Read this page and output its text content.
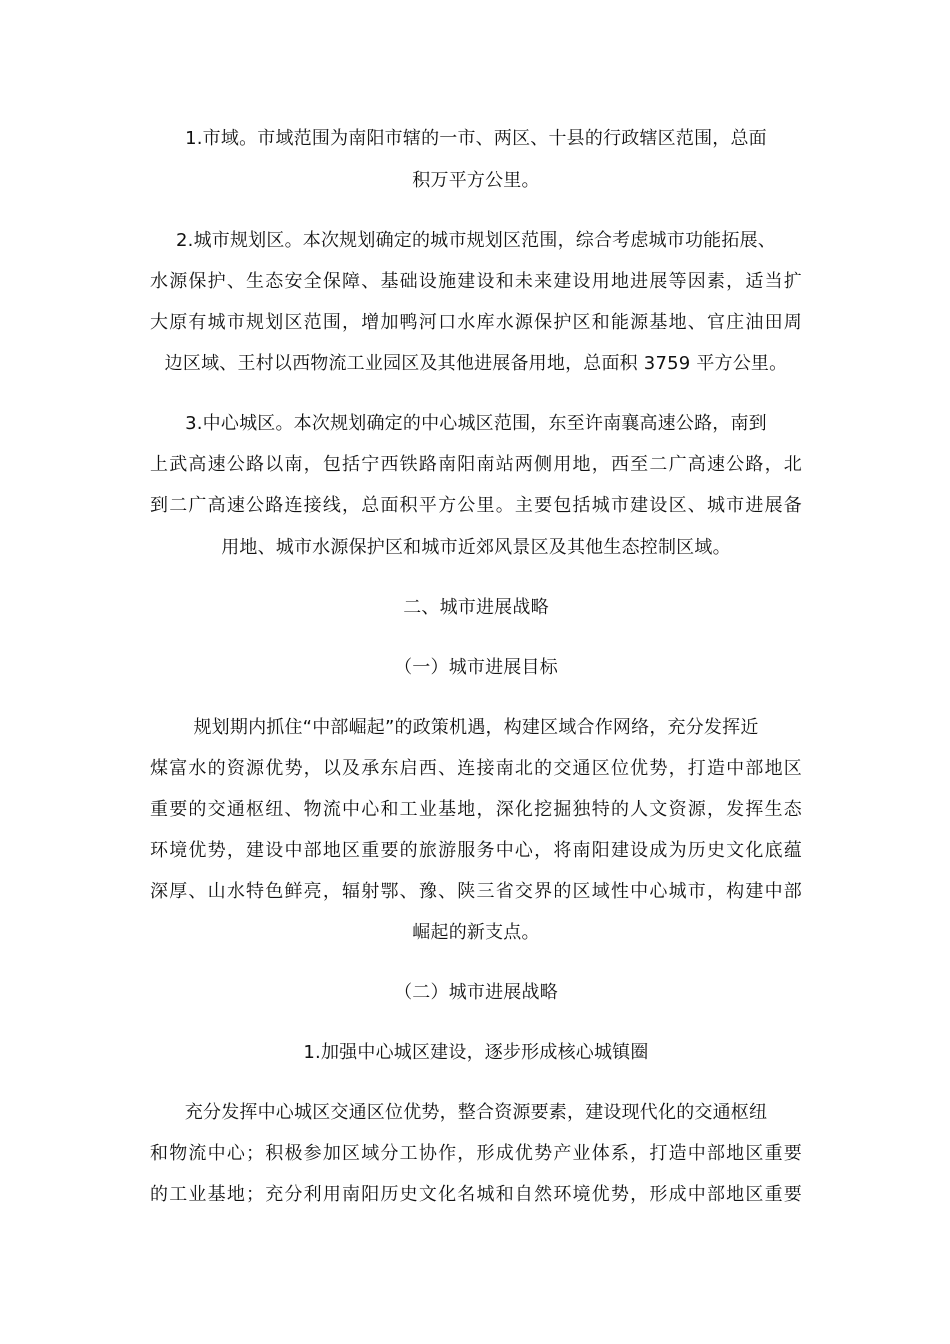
1.市域。市域范围为南阳市辖的一市、两区、十县的行政辖区范围，总面
积万平方公里。
2.城市规划区。本次规划确定的城市规划区范围，综合考虑城市功能拓展、
水源保护、生态安全保障、基础设施建设和未来建设用地进展等因素，适当扩
大原有城市规划区范围，增加鸭河口水库水源保护区和能源基地、官庄油田周
边区域、王村以西物流工业园区及其他进展备用地，总面积 3759 平方公里。
3.中心城区。本次规划确定的中心城区范围，东至许南襄高速公路，南到
上武高速公路以南，包括宁西铁路南阳南站两侧用地，西至二广高速公路，北
到二广高速公路连接线，总面积平方公里。主要包括城市建设区、城市进展备
用地、城市水源保护区和城市近郊风景区及其他生态控制区域。
二、城市进展战略
（一）城市进展目标
规划期内抓住“中部崛起”的政策机遇，构建区域合作网络，充分发挥近
煤富水的资源优势，以及承东启西、连接南北的交通区位优势，打造中部地区
重要的交通枢纽、物流中心和工业基地，深化挖掘独特的人文资源，发挥生态
环境优势，建设中部地区重要的旅游服务中心，将南阳建设成为历史文化底蕴
深厚、山水特色鲜亮，辐射鄂、豫、陕三省交界的区域性中心城市，构建中部
崛起的新支点。
（二）城市进展战略
1.加强中心城区建设，逐步形成核心城镇圈
充分发挥中心城区交通区位优势，整合资源要素，建设现代化的交通枢纽
和物流中心；积极参加区域分工协作，形成优势产业体系，打造中部地区重要
的工业基地；充分利用南阳历史文化名城和自然环境优势，形成中部地区重要
